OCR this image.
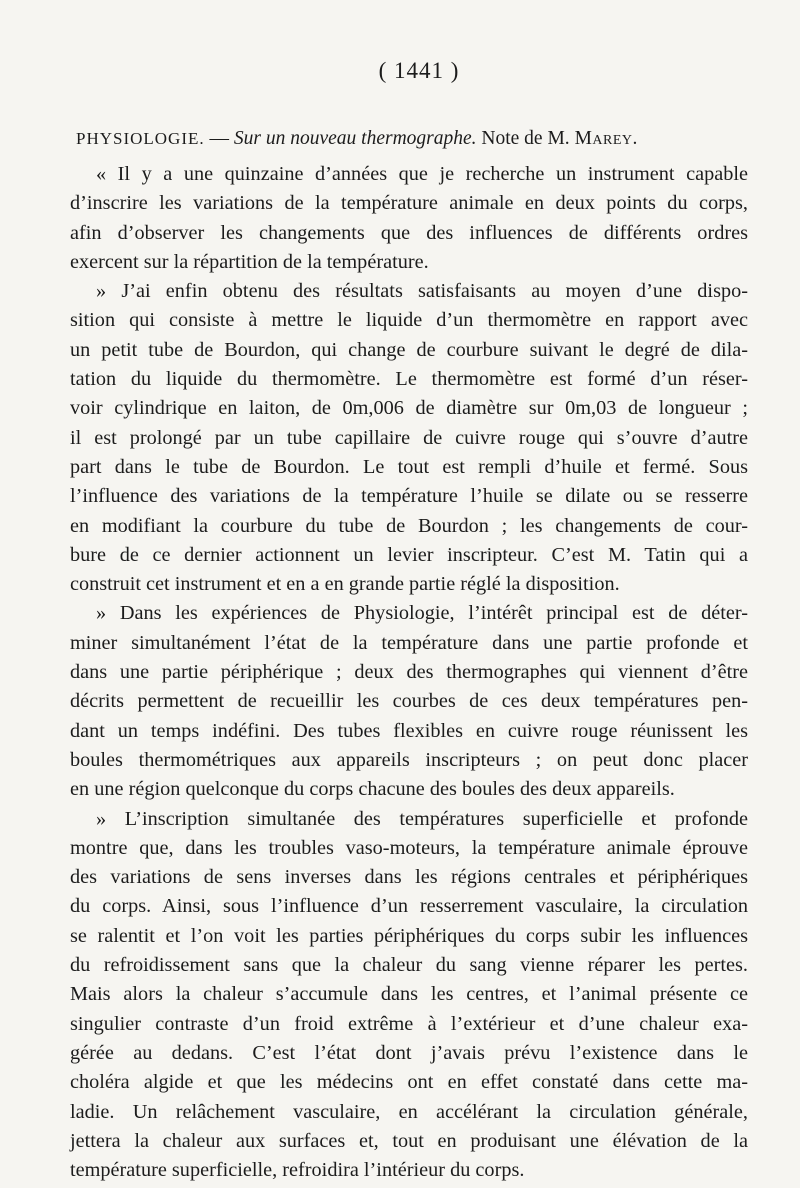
( 1441 )
PHYSIOLOGIE. — Sur un nouveau thermographe. Note de M. Marey.

« Il y a une quinzaine d’années que je recherche un instrument capable
d’inscrire les variations de la température animale en deux points du corps,
afin d’observer les changements que des influences de différents ordres
exercent sur la répartition de la température.

» J’ai enfin obtenu des résultats satisfaisants au moyen d’une dispo-
sition qui consiste à mettre le liquide d’un thermomètre en rapport avec
un petit tube de Bourdon, qui change de courbure suivant le degré de dila-
tation du liquide du thermomètre. Le thermomètre est formé d’un réser-
voir cylindrique en laiton, de 0m,006 de diamètre sur 0m,03 de longueur ;
il est prolongé par un tube capillaire de cuivre rouge qui s’ouvre d’autre
part dans le tube de Bourdon. Le tout est rempli d’huile et fermé. Sous
l’influence des variations de la température l’huile se dilate ou se resserre
en modifiant la courbure du tube de Bourdon ; les changements de cour-
bure de ce dernier actionnent un levier inscripteur. C’est M. Tatin qui a
construit cet instrument et en a en grande partie réglé la disposition.

» Dans les expériences de Physiologie, l’intérêt principal est de déter-
miner simultanément l’état de la température dans une partie profonde et
dans une partie périphérique ; deux des thermographes qui viennent d’être
décrits permettent de recueillir les courbes de ces deux températures pen-
dant un temps indéfini. Des tubes flexibles en cuivre rouge réunissent les
boules thermométriques aux appareils inscripteurs ; on peut donc placer
en une région quelconque du corps chacune des boules des deux appareils.

» L’inscription simultanée des températures superficielle et profonde
montre que, dans les troubles vaso-moteurs, la température animale éprouve
des variations de sens inverses dans les régions centrales et périphériques
du corps. Ainsi, sous l’influence d’un resserrement vasculaire, la circulation
se ralentit et l’on voit les parties périphériques du corps subir les influences
du refroidissement sans que la chaleur du sang vienne réparer les pertes.
Mais alors la chaleur s’accumule dans les centres, et l’animal présente ce
singulier contraste d’un froid extrême à l’extérieur et d’une chaleur exa-
gérée au dedans. C’est l’état dont j’avais prévu l’existence dans le
choléra algide et que les médecins ont en effet constaté dans cette ma-
ladie. Un relâchement vasculaire, en accélérant la circulation générale,
jettera la chaleur aux surfaces et, tout en produisant une élévation de la
température superficielle, refroidira l’intérieur du corps.
